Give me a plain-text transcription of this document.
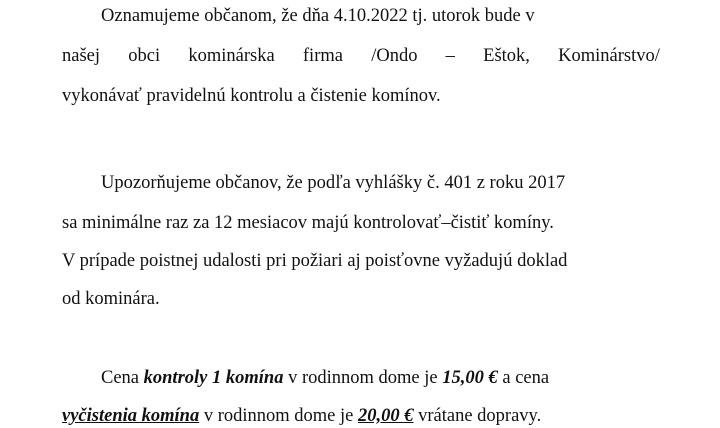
Oznamujeme občanom, že dňa 4.10.2022 tj. utorok bude v

našej obci kominárska firma /Ondo – Eštok, Kominárstvo/

vykonávať pravidelnú kontrolu a čistenie komínov.

Upozorňujeme občanov, že podľa vyhlášky č. 401 z roku 2017

sa minimálne raz za 12 mesiacov majú kontrolovať–čistiť komíny.

V prípade poistnej udalosti pri požiari aj poisťovne vyžadujú doklad

od kominára.

Cena kontroly 1 komína v rodinnom dome je 15,00 € a cena

vyčistenia komína v rodinnom dome je 20,00 € vrátane dopravy.
